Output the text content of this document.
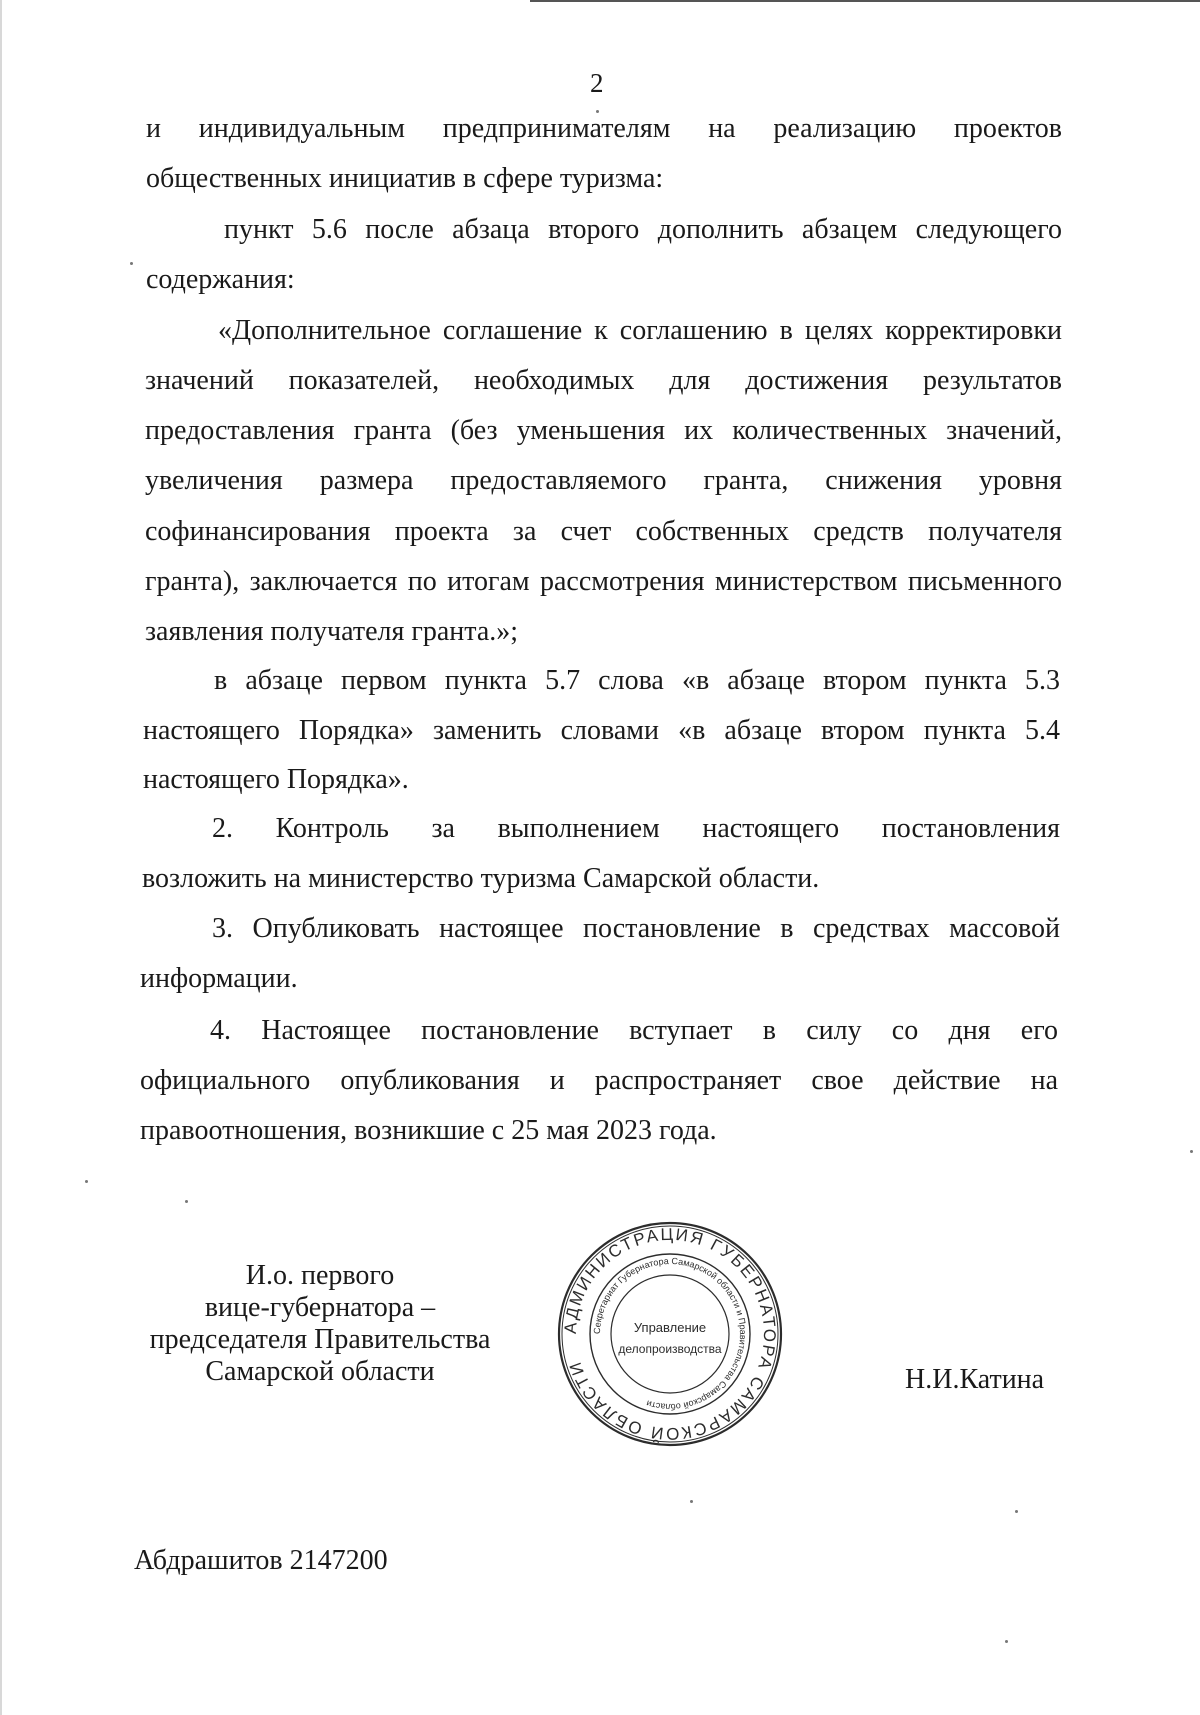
2
и индивидуальным предпринимателям на реализацию проектов
общественных инициатив в сфере туризма:
пункт 5.6 после абзаца второго дополнить абзацем следующего
содержания:
«Дополнительное соглашение к соглашению в целях корректировки
значений показателей, необходимых для достижения результатов
предоставления гранта (без уменьшения их количественных значений,
увеличения размера предоставляемого гранта, снижения уровня
софинансирования проекта за счет собственных средств получателя
гранта), заключается по итогам рассмотрения министерством письменного
заявления получателя гранта.»;
в абзаце первом пункта 5.7 слова «в абзаце втором пункта 5.3
настоящего Порядка» заменить словами «в абзаце втором пункта 5.4
настоящего Порядка».
2. Контроль за выполнением настоящего постановления
возложить на министерство туризма Самарской области.
3. Опубликовать настоящее постановление в средствах массовой
информации.
4. Настоящее постановление вступает в силу со дня его
официального опубликования и распространяет свое действие на
правоотношения, возникшие с 25 мая 2023 года.
И.о. первого
вице-губернатора –
председателя Правительства
Самарской области
АДМИНИСТРАЦИЯ ГУБЕРНАТОРА САМАРСКОЙ ОБЛАСТИ
Секретариат Губернатора Самарской области и Правительства Самарской области
Управление
делопроизводства
Н.И.Катина
Абдрашитов 2147200
